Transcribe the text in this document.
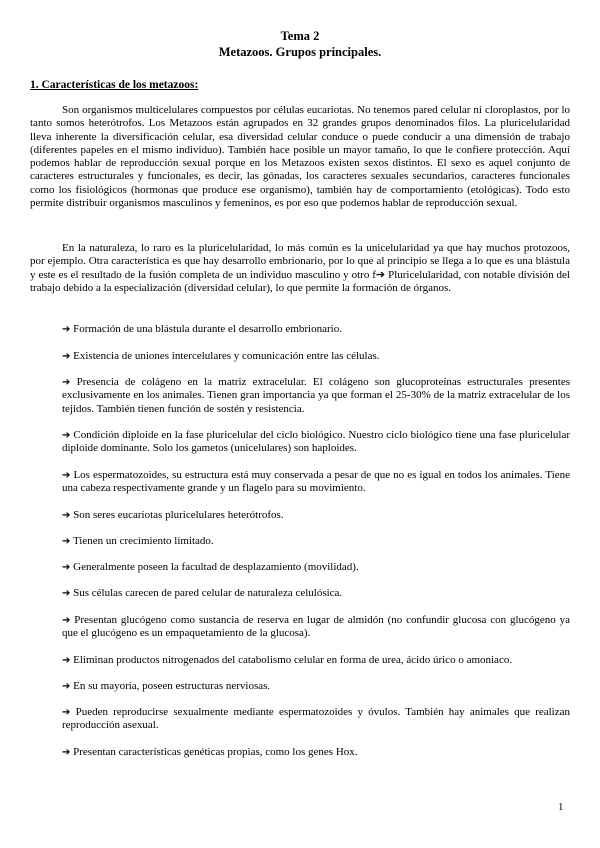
Tema 2
Metazoos. Grupos principales.
1. Características de los metazoos:

Son organismos multicelulares compuestos por células eucariotas. No tenemos pared celular ni cloroplastos, por lo tanto somos heterótrofos. Los Metazoos están agrupados en 32 grandes grupos denominados filos. La pluricelularidad lleva inherente la diversificación celular, esa diversidad celular conduce o puede conducir a una dimensión de trabajo (diferentes papeles en el mismo individuo). También hace posible un mayor tamaño, lo que le confiere protección. Aquí podemos hablar de reproducción sexual porque en los Metazoos existen sexos distintos. El sexo es aquel conjunto de caracteres estructurales y funcionales, es decir, las gónadas, los caracteres sexuales secundarios, caracteres funcionales como los fisiológicos (hormonas que produce ese organismo), también hay de comportamiento (etológicas). Todo esto permite distribuir organismos masculinos y femeninos, es por eso que podemos hablar de reproducción sexual.

En la naturaleza, lo raro es la pluricelularidad, lo más común es la unicelularidad ya que hay muchos protozoos, por ejemplo. Otra característica es que hay desarrollo embrionario, por lo que al principio se llega a lo que es una blástula y este es el resultado de la fusión completa de un individuo masculino y otro f➔ Pluricelularidad, con notable división del trabajo debido a la especialización (diversidad celular), lo que permite la formación de órganos.

➔ Formación de una blástula durante el desarrollo embrionario.

➔ Existencia de uniones intercelulares y comunicación entre las células.

➔ Presencia de colágeno en la matriz extracelular. El colágeno son glucoproteínas estructurales presentes exclusivamente en los animales. Tienen gran importancia ya que forman el 25-30% de la matriz extracelular de los tejidos. También tienen función de sostén y resistencia.

➔ Condición diploide en la fase pluricelular del ciclo biológico. Nuestro ciclo biológico tiene una fase pluricelular diploide dominante. Solo los gametos (unicelulares) son haploides.

➔ Los espermatozoides, su estructura está muy conservada a pesar de que no es igual en todos los animales. Tiene una cabeza respectivamente grande y un flagelo para su movimiento.

➔ Son seres eucariotas pluricelulares heterótrofos.

➔ Tienen un crecimiento limitado.

➔ Generalmente poseen la facultad de desplazamiento (movilidad).

➔ Sus células carecen de pared celular de naturaleza celulósica.

➔ Presentan glucógeno como sustancia de reserva en lugar de almidón (no confundir glucosa con glucógeno ya que el glucógeno es un empaquetamiento de la glucosa).

➔ Eliminan productos nitrogenados del catabolismo celular en forma de urea, ácido úrico o amoniaco.

➔ En su mayoría, poseen estructuras nerviosas.

➔ Pueden reproducirse sexualmente mediante espermatozoides y óvulos. También hay animales que realizan reproducción asexual.

➔ Presentan características genéticas propias, como los genes Hox.

1
